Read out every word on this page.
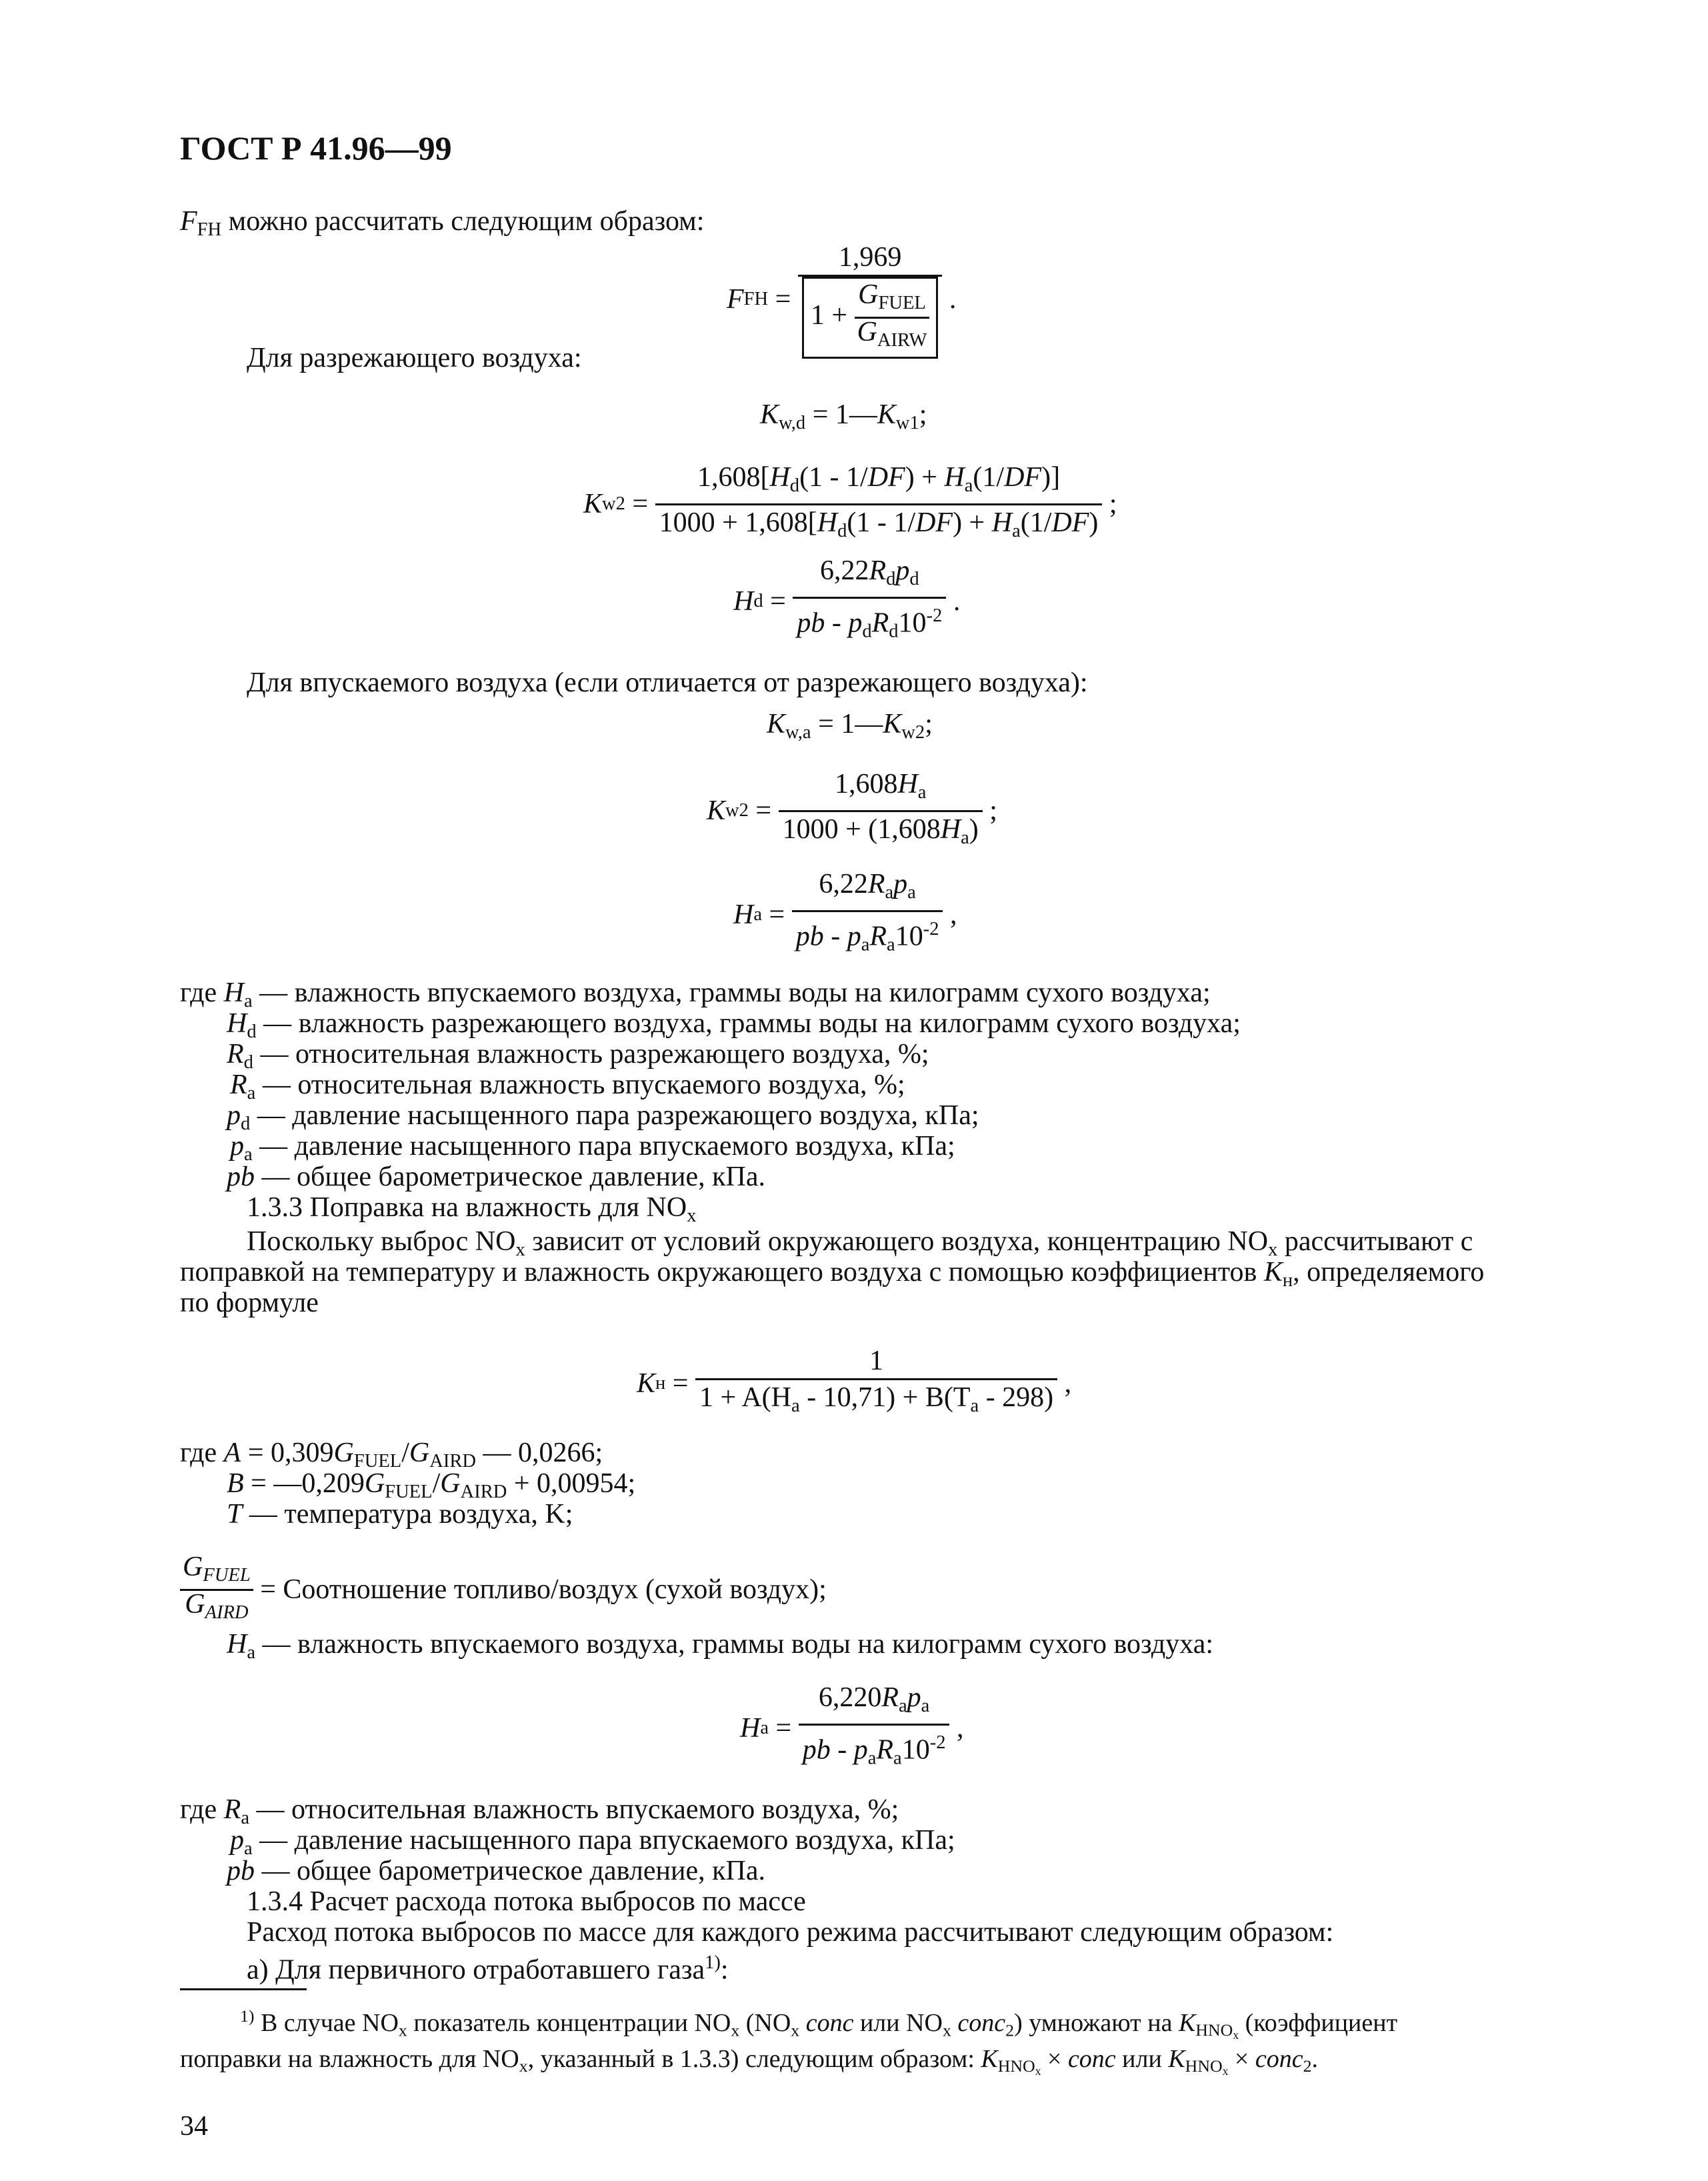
ГОСТ Р 41.96—99
$F_{FH}$ можно рассчитать следующим образом:
F FH = 1,969
1 +
$G_{FUEL}$
$G_{AIRW}$ .
Для разрежающего воздуха:
$K_{w,d}$ = $1—K_{w1}$;
K $w2 = \frac{1,608[H_d(1 - 1/DF) + H_a(1/DF)]}{1000 + 1,608[H_d(1 - 1/DF) + H_a(1/DF)}$ ;
H $d = \frac{6,22R_dp_d}{pb - p_dR_d10^{-2}}$ .
Для впускаемого воздуха (если отличается от разрежающего воздуха):
$K_{w,a}$ = $1—K_{w2}$;
K $w2 = \frac{1,608H_a}{1000 + (1,608H_a)}$ ;
H $a = \frac{6,22R_ap_a}{pb - p_aR_a10^{-2}}$ ,
где $H_a$ — влажность впускаемого воздуха, граммы воды на килограмм сухого воздуха;
$H_d$ — влажность разрежающего воздуха, граммы воды на килограмм сухого воздуха;
$R_d$ — относительная влажность разрежающего воздуха, %;
$R_a$ — относительная влажность впускаемого воздуха, %;
$p_d$ — давление насыщенного пара разрежающего воздуха, кПа;
$p_a$ — давление насыщенного пара впускаемого воздуха, кПа;
pb — общее барометрическое давление, кПа.
1.3.3 Поправка на влажность для $NO_x$
Поскольку выброс $NO_x$ зависит от условий окружающего воздуха, концентрацию $NO_x$ рассчитывают с
поправкой на температуру и влажность окружающего воздуха с помощью коэффициентов $K_н$, определяемого
по формуле
K $н = \frac{1}{1 + A(H_a - 10,71) + B(T_a - 298)}$ ,
где $A = 0,309G_{FUEL}/G_{AIRD}$ — 0,0266;
$B = —0,209G_{FUEL}/G_{AIRD} + 0,00954$;
T — температура воздуха, K;
GFUEL
GAIRD

= Соотношение топливо/воздух (сухой воздух);
$H_a$ — влажность впускаемого воздуха, граммы воды на килограмм сухого воздуха:
H $a = \frac{6,220R_ap_a}{pb - p_aR_a10^{-2}}$ ,
где $R_a$ — относительная влажность впускаемого воздуха, %;
$p_a$ — давление насыщенного пара впускаемого воздуха, кПа;
pb — общее барометрическое давление, кПа.
1.3.4 Расчет расхода потока выбросов по массе
Расход потока выбросов по массе для каждого режима рассчитывают следующим образом:
а) Для первичного отработавшего газа$^{1)}$:
$^{1)}$ В случае $NO_x$ показатель концентрации $NO_x$ ($NO_x$ conc или $NO_x$ conc$_2$) умножают на $K_{HNO_x}$ (коэффициент
поправки на влажность для $NO_x$, указанный в 1.3.3) следующим образом: $K_{HNO_x}$ × conc или $K_{HNO_x}$ × conc$_2$.
34
